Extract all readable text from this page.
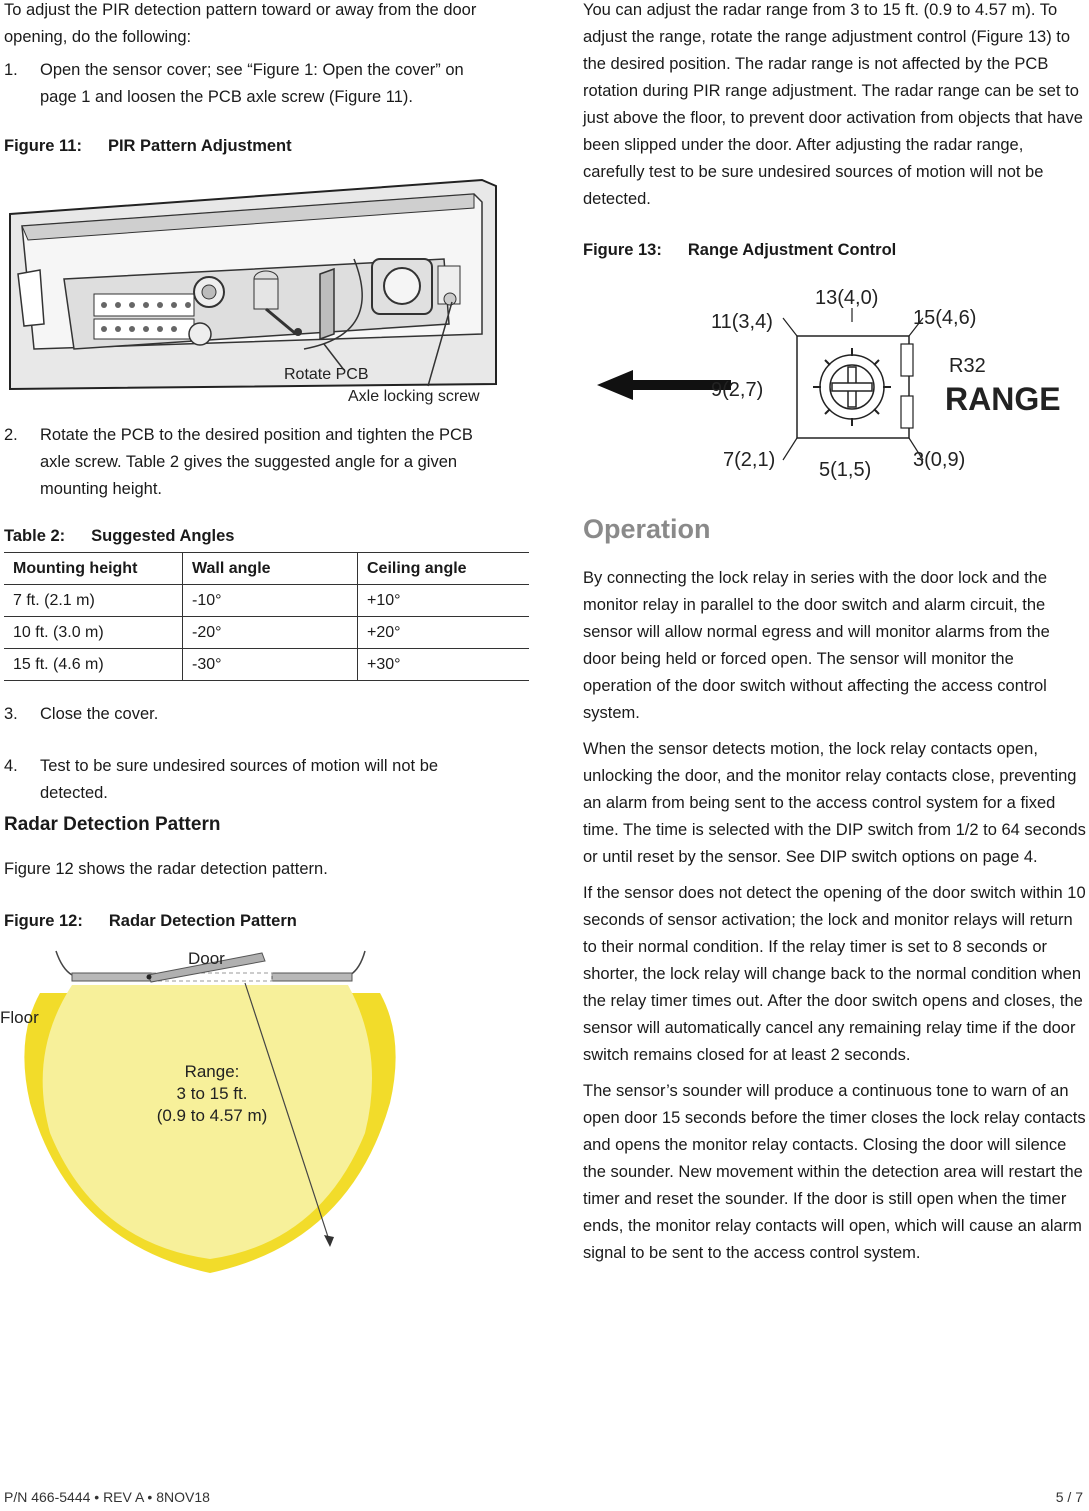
To adjust the PIR detection pattern toward or away from the door opening, do the following:

1. Open the sensor cover; see “Figure 1: Open the cover” on page 1 and loosen the PCB axle screw (Figure 11).

Figure 11: PIR Pattern Adjustment

Rotate PCB
Axle locking screw
2. Rotate the PCB to the desired position and tighten the PCB axle screw. Table 2 gives the suggested angle for a given mounting height.

Table 2: Suggested Angles

Mounting height	Wall angle	Ceiling angle
7 ft. (2.1 m)	-10°	+10°
10 ft. (3.0 m)	-20°	+20°
15 ft. (4.6 m)	-30°	+30°
3. Close the cover.
4. Test to be sure undesired sources of motion will not be detected.

Radar Detection Pattern

Figure 12 shows the radar detection pattern.

Figure 12: Radar Detection Pattern

Door
Floor
Range:
3 to 15 ft.
(0.9 to 4.57 m)

You can adjust the radar range from 3 to 15 ft. (0.9 to 4.57 m). To adjust the range, rotate the range adjustment control (Figure 13) to the desired position. The radar range is not affected by the PCB rotation during PIR range adjustment. The radar range can be set to just above the floor, to prevent door activation from objects that have been slipped under the door. After adjusting the radar range, carefully test to be sure undesired sources of motion will not be detected.

Figure 13: Range Adjustment Control

13(4,0)
11(3,4)	15(4,6)
9(2,7)
7(2,1) 5(1,5) 3(0,9)
R32
RANGE

Operation

By connecting the lock relay in series with the door lock and the monitor relay in parallel to the door switch and alarm circuit, the sensor will allow normal egress and will monitor alarms from the door being held or forced open. The sensor will monitor the operation of the door switch without affecting the access control system.

When the sensor detects motion, the lock relay contacts open, unlocking the door, and the monitor relay contacts close, preventing an alarm from being sent to the access control system for a fixed time. The time is selected with the DIP switch from 1/2 to 64 seconds or until reset by the sensor. See DIP switch options on page 4.

If the sensor does not detect the opening of the door switch within 10 seconds of sensor activation; the lock and monitor relays will return to their normal condition. If the relay timer is set to 8 seconds or shorter, the lock relay will change back to the normal condition when the relay timer times out. After the door switch opens and closes, the sensor will automatically cancel any remaining relay time if the door switch remains closed for at least 2 seconds.

The sensor’s sounder will produce a continuous tone to warn of an open door 15 seconds before the timer closes the lock relay contacts and opens the monitor relay contacts. Closing the door will silence the sounder. New movement within the detection area will restart the timer and reset the sounder. If the door is still open when the timer ends, the monitor relay contacts will open, which will cause an alarm signal to be sent to the access control system.

P/N 466-5444 • REV A • 8NOV18	5 / 7
